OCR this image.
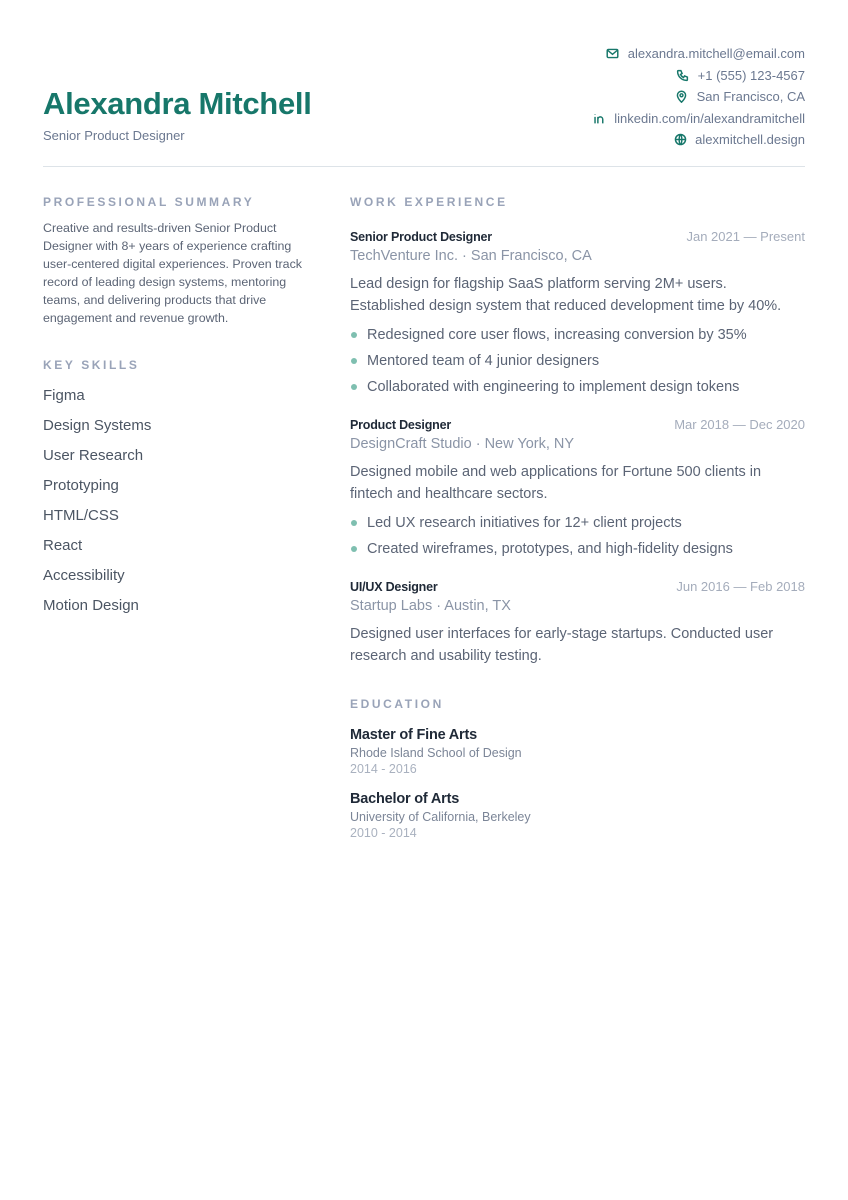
Alexandra Mitchell
Senior Product Designer
alexandra.mitchell@email.com
+1 (555) 123-4567
San Francisco, CA
linkedin.com/in/alexandramitchell
alexmitchell.design
PROFESSIONAL SUMMARY

Creative and results-driven Senior Product Designer with 8+ years of experience crafting user-centered digital experiences. Proven track record of leading design systems, mentoring teams, and delivering products that drive engagement and revenue growth.

KEY SKILLS
Figma
Design Systems
User Research
Prototyping
HTML/CSS
React
Accessibility
Motion Design
WORK EXPERIENCE
Senior Product Designer	Jan 2021 — Present
TechVenture Inc. · San Francisco, CA

Lead design for flagship SaaS platform serving 2M+ users. Established design system that reduced development time by 40%.

Redesigned core user flows, increasing conversion by 35%
Mentored team of 4 junior designers
Collaborated with engineering to implement design tokens
Product Designer	Mar 2018 — Dec 2020
DesignCraft Studio · New York, NY

Designed mobile and web applications for Fortune 500 clients in fintech and healthcare sectors.

Led UX research initiatives for 12+ client projects
Created wireframes, prototypes, and high-fidelity designs
UI/UX Designer	Jun 2016 — Feb 2018
Startup Labs · Austin, TX

Designed user interfaces for early-stage startups. Conducted user research and usability testing.

EDUCATION
Master of Fine Arts
Rhode Island School of Design
2014 - 2016
Bachelor of Arts
University of California, Berkeley
2010 - 2014
